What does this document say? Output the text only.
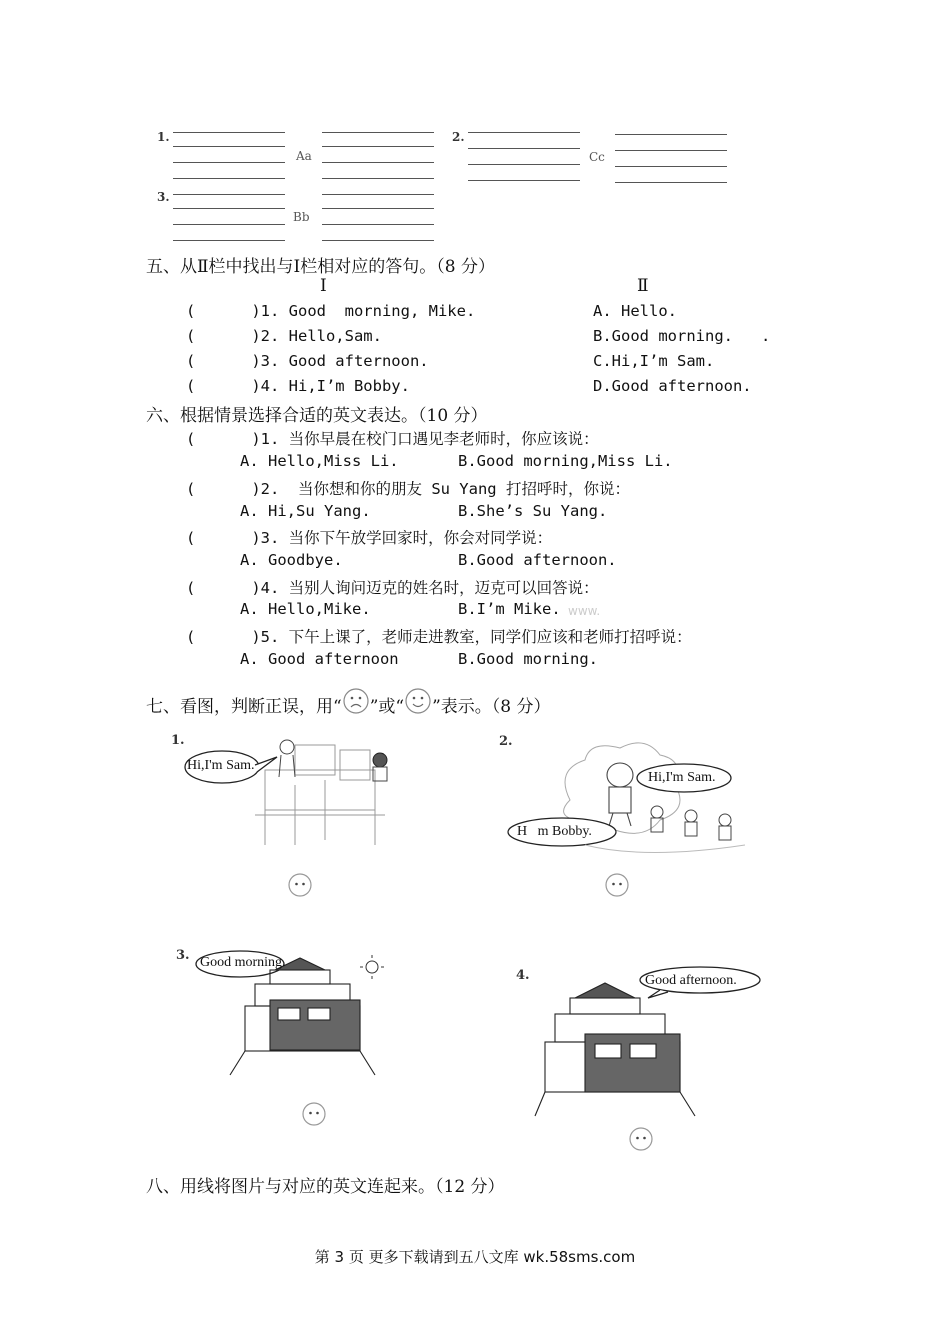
1.	2.
3.
Aa	Cc
Bb
五、从Ⅱ栏中找出与Ⅰ栏相对应的答句。（8 分）
Ⅰ	Ⅱ
(      )1. Good  morning, Mike.	A. Hello.
(      )2. Hello,Sam.	B.Good morning.   .
(      )3. Good afternoon.	C.Hi,I’m Sam.
(      )4. Hi,I’m Bobby.	D.Good afternoon.
六、根据情景选择合适的英文表达。（10 分）
(      )1. 当你早晨在校门口遇见李老师时，你应该说：
A. Hello,Miss Li.	B.Good morning,Miss Li.
(      )2.  当你想和你的朋友 Su Yang 打招呼时，你说：
A. Hi,Su Yang.	B.She’s Su Yang.
(      )3. 当你下午放学回家时，你会对同学说：
A. Goodbye.	B.Good afternoon.
(      )4. 当别人询问迈克的姓名时，迈克可以回答说：
A. Hello,Mike.	B.I’m Mike. www.
(      )5. 下午上课了，老师走进教室，同学们应该和老师打招呼说：
A. Good afternoon	B.Good morning.
七、看图，判断正误，用“ ”或“ ”表示。（8 分）
1.
Hi,I'm Sam.
2.
Hi,I'm Sam.
H   m Bobby.
3. Good morning.
4.	Good afternoon.
八、用线将图片与对应的英文连起来。（12 分）
第 3 页 更多下载请到五八文库 wk.58sms.com
